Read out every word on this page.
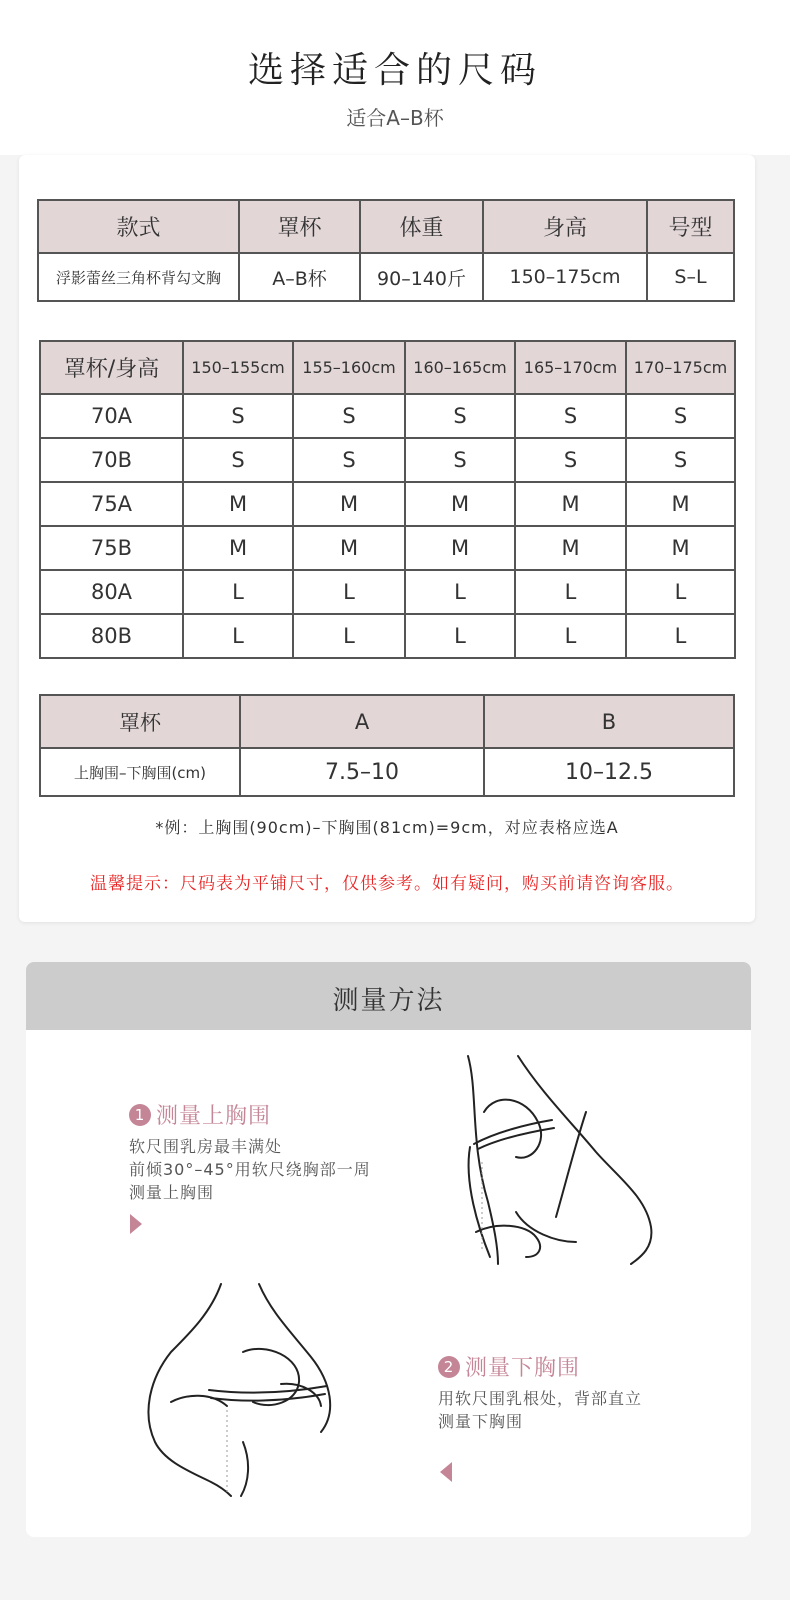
选择适合的尺码
适合A–B杯
款式	罩杯	体重	身高	号型
浮影蕾丝三角杯背勾文胸	A–B杯	90–140斤	150–175cm	S–L
罩杯/身高	150–155cm	155–160cm	160–165cm	165–170cm	170–175cm
70A	S	S	S	S	S
70B	S	S	S	S	S
75A	M	M	M	M	M
75B	M	M	M	M	M
80A	L	L	L	L	L
80B	L	L	L	L	L
罩杯	A	B
上胸围–下胸围(cm)	7.5–10	10–12.5
*例：上胸围(90cm)–下胸围(81cm)=9cm，对应表格应选A
温馨提示：尺码表为平铺尺寸，仅供参考。如有疑问，购买前请咨询客服。
测量方法
1 测量上胸围
软尺围乳房最丰满处
前倾30°–45°用软尺绕胸部一周
测量上胸围
2 测量下胸围
用软尺围乳根处，背部直立
测量下胸围
